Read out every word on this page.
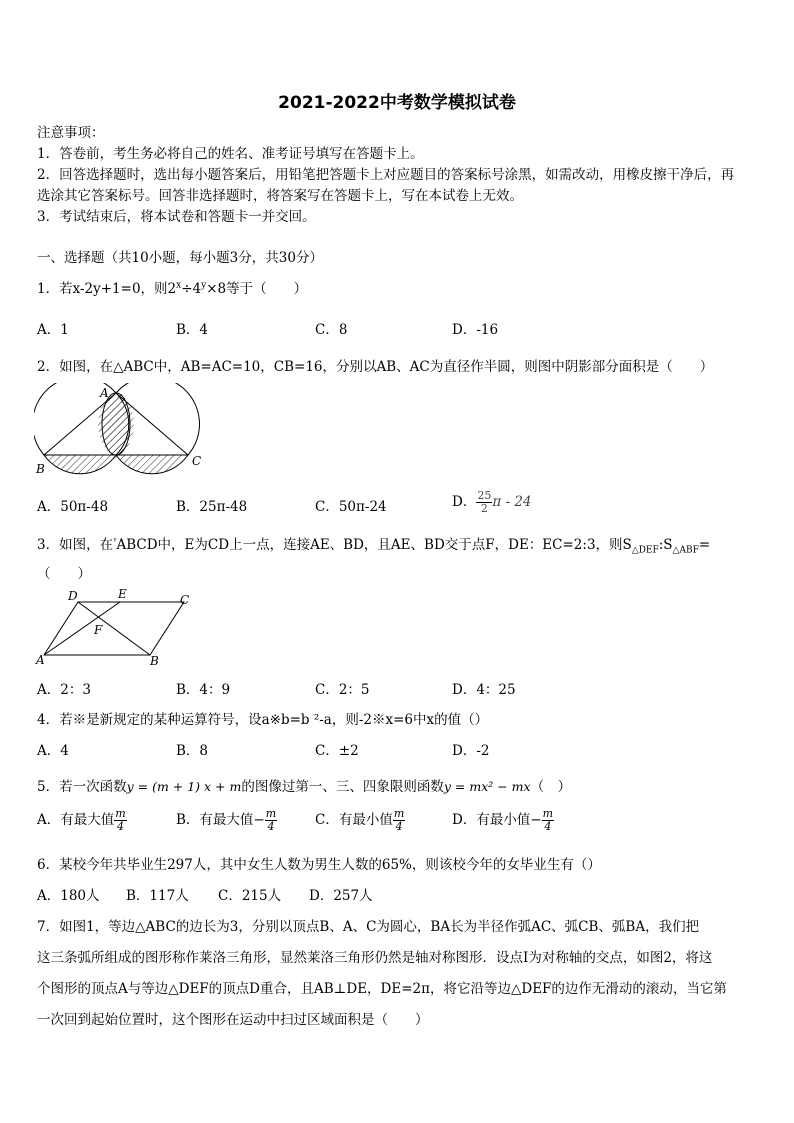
2021-2022中考数学模拟试卷
注意事项：
1．答卷前，考生务必将自己的姓名、准考证号填写在答题卡上。
2．回答选择题时，选出每小题答案后，用铅笔把答题卡上对应题目的答案标号涂黑，如需改动，用橡皮擦干净后，再
选涂其它答案标号。回答非选择题时，将答案写在答题卡上，写在本试卷上无效。
3．考试结束后，将本试卷和答题卡一并交回。
一、选择题（共10小题，每小题3分，共30分）
1．若x-2y+1=0，则$2^x\div 4^y\times 8$等于（　　）
A．1	B．4	C．8	D．-16
2．如图，在△ABC中，AB=AC=10，CB=16，分别以AB、AC为直径作半圆，则图中阴影部分面积是（　　）
A
B
C
A．50π-48	B．25π-48	C．50π-24	D． $\frac{25}{2}$ π - 24
3．如图，在$^ᵞ$ABCD中，E为CD上一点，连接AE、BD，且AE、BD交于点F，DE：EC=2:3，则$S_{\triangle DEF}:S_{\triangle ABF}=$
（　　）
D	E	C
F
A	B
A．2：3	B．4：9	C．2：5	D．4：25
4．若※是新规定的某种运算符号，设a※b=b ²-a，则-2※x=6中x的值（）
A．4	B．8	C．±2	D．-2
5．若一次函数y = (m + 1) x + m的图像过第一、三、四象限则函数y = mx² − mx（　）
A．有最大值 $\frac{m}{4}$	B．有最大值− $\frac{m}{4}$	C．有最小值 $\frac{m}{4}$	D．有最小值− $\frac{m}{4}$
6．某校今年共毕业生297人，其中女生人数为男生人数的65%，则该校今年的女毕业生有（）
A．180人 B．117人 C．215人 D．257人
7．如图1，等边△ABC的边长为3，分别以顶点B、A、C为圆心，BA长为半径作弧AC、弧CB、弧BA，我们把
这三条弧所组成的图形称作莱洛三角形，显然莱洛三角形仍然是轴对称图形．设点I为对称轴的交点，如图2，将这
个图形的顶点A与等边△DEF的顶点D重合，且AB⊥DE，DE=2π，将它沿等边△DEF的边作无滑动的滚动，当它第
一次回到起始位置时，这个图形在运动中扫过区域面积是（　　）
